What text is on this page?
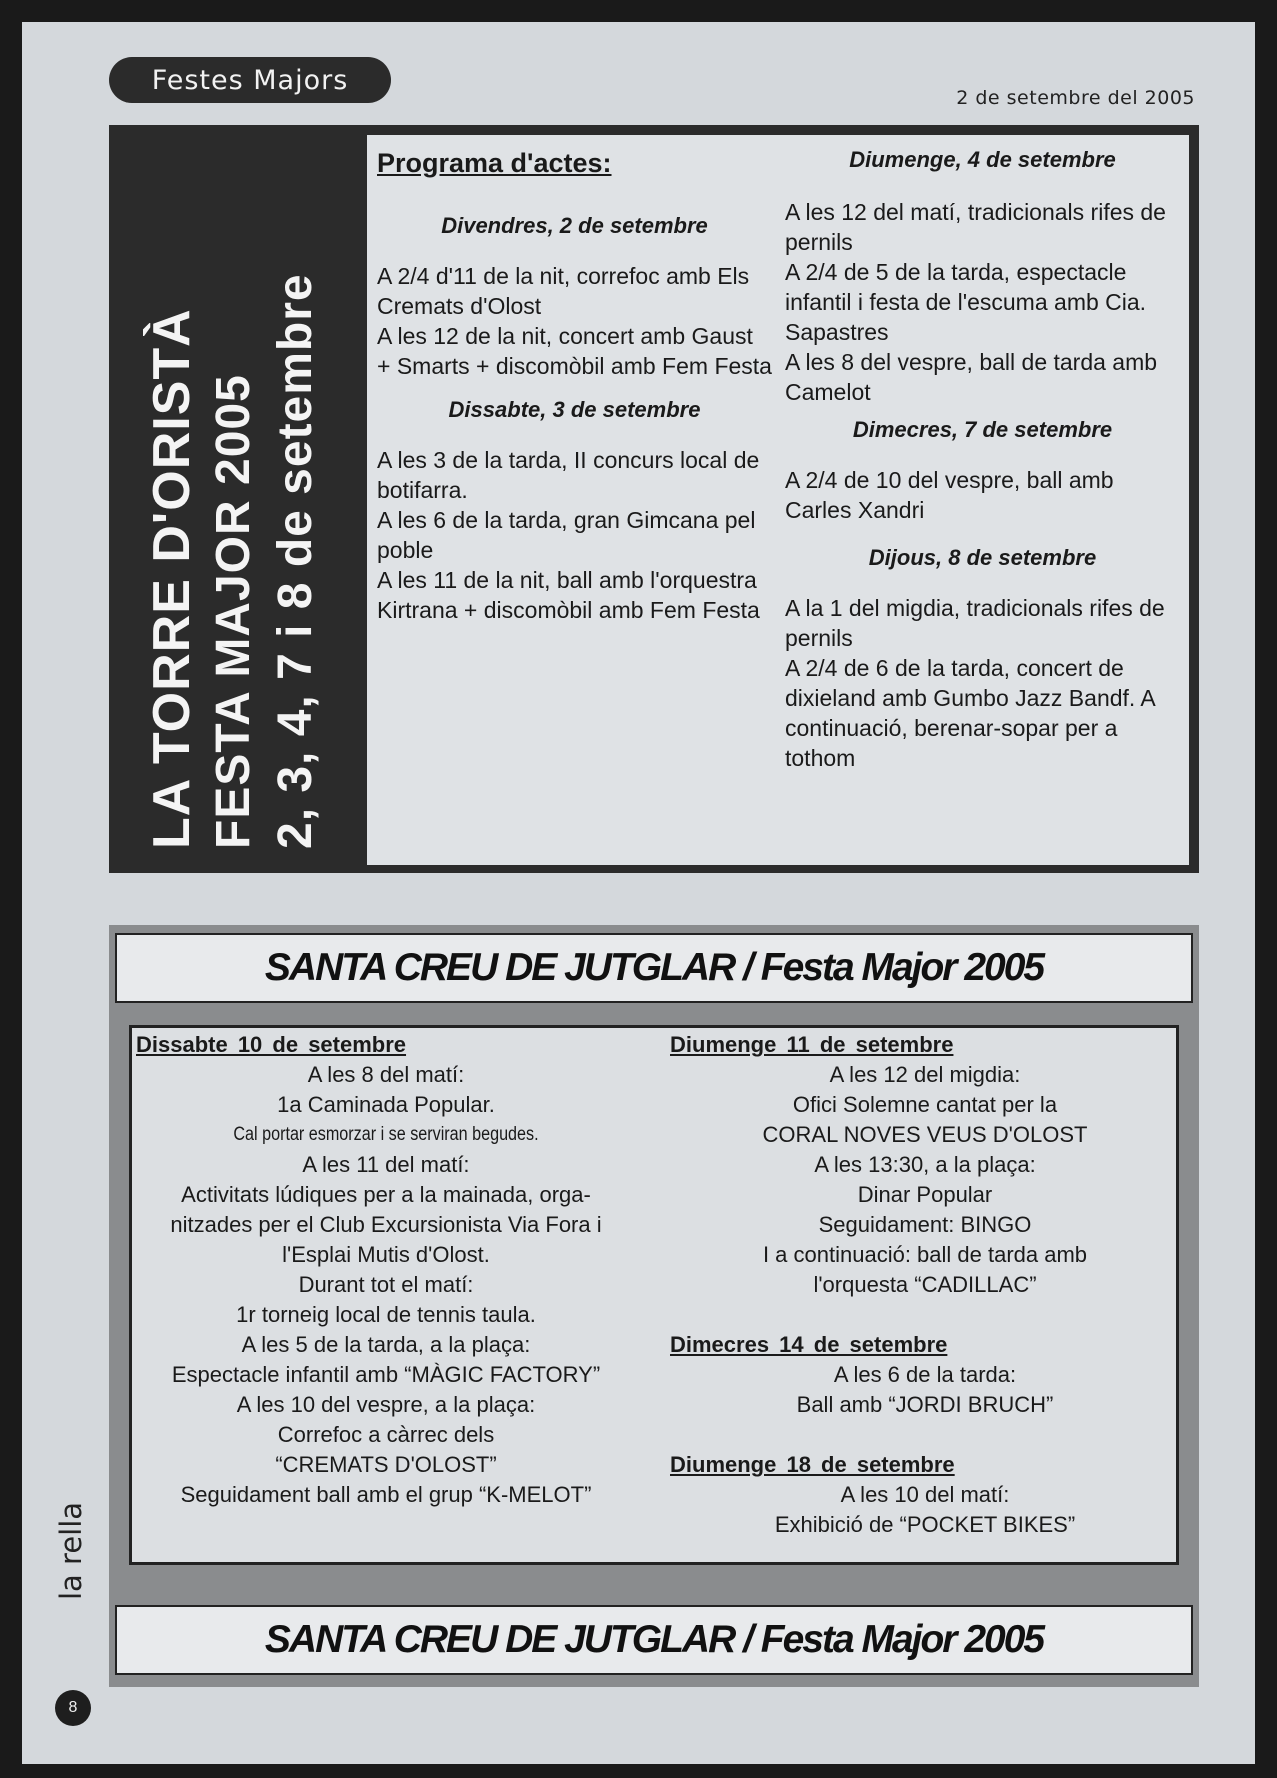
Festes Majors
2 de setembre del 2005
LA TORRE D'ORISTÀ FESTA MAJOR 2005 2, 3, 4, 7 i 8 de setembre
Programa d'actes:

Divendres, 2 de setembre

A 2/4 d'11 de la nit, correfoc amb Els Cremats d'Olost

A les 12 de la nit, concert amb Gaust + Smarts + discomòbil amb Fem Festa

Dissabte, 3 de setembre

A les 3 de la tarda, II concurs local de botifarra.

A les 6 de la tarda, gran Gimcana pel poble

A les 11 de la nit, ball amb l'orquestra Kirtrana + discomòbil amb Fem Festa

Diumenge, 4 de setembre

A les 12 del matí, tradicionals rifes de pernils

A 2/4 de 5 de la tarda, espectacle infantil i festa de l'escuma amb Cia. Sapastres

A les 8 del vespre, ball de tarda amb Camelot

Dimecres, 7 de setembre

A 2/4 de 10 del vespre, ball amb Carles Xandri

Dijous, 8 de setembre

A la 1 del migdia, tradicionals rifes de pernils

A 2/4 de 6 de la tarda, concert de dixieland amb Gumbo Jazz Bandf. A continuació, berenar-sopar per a tothom

SANTA CREU DE JUTGLAR / Festa Major 2005

Dissabte 10 de setembre

A les 8 del matí:

1a Caminada Popular.

Cal portar esmorzar i se serviran begudes.

A les 11 del matí:

Activitats lúdiques per a la mainada, orga-

nitzades per el Club Excursionista Via Fora i

l'Esplai Mutis d'Olost.

Durant tot el matí:

1r torneig local de tennis taula.

A les 5 de la tarda, a la plaça:

Espectacle infantil amb “MÀGIC FACTORY”

A les 10 del vespre, a la plaça:

Correfoc a càrrec dels

“CREMATS D'OLOST”

Seguidament ball amb el grup “K-MELOT”

Diumenge 11 de setembre

A les 12 del migdia:

Ofici Solemne cantat per la

CORAL NOVES VEUS D'OLOST

A les 13:30, a la plaça:

Dinar Popular

Seguidament: BINGO

I a continuació: ball de tarda amb

l'orquesta “CADILLAC”

Dimecres 14 de setembre

A les 6 de la tarda:

Ball amb “JORDI BRUCH”

Diumenge 18 de setembre

A les 10 del matí:

Exhibició de “POCKET BIKES”

SANTA CREU DE JUTGLAR / Festa Major 2005
la rella
8
